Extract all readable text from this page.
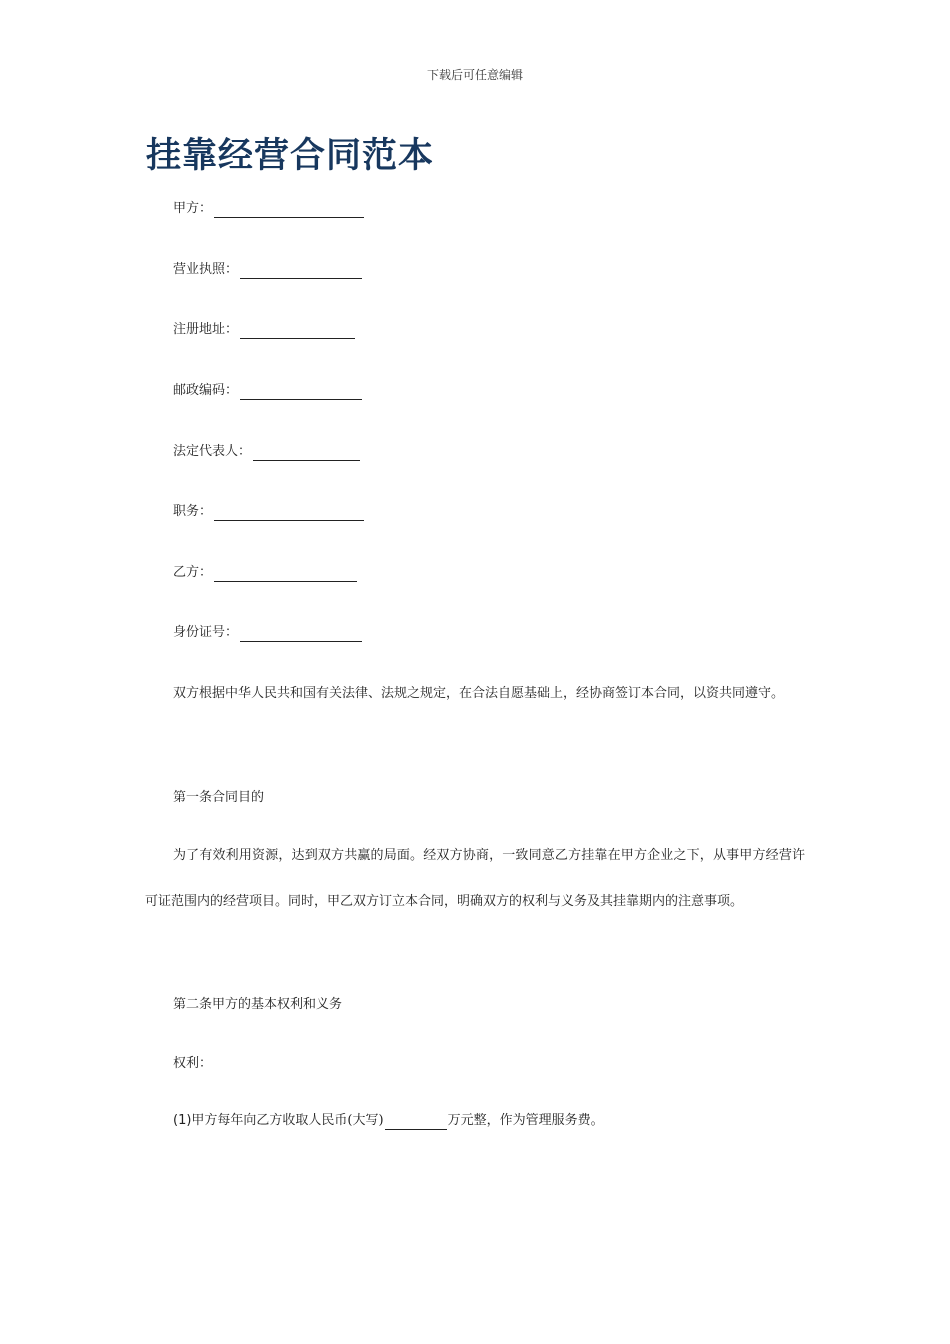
下载后可任意编辑
挂靠经营合同范本
甲方：
营业执照：
注册地址：
邮政编码：
法定代表人：
职务：
乙方：
身份证号：

双方根据中华人民共和国有关法律、法规之规定，在合法自愿基础上，经协商签订本合同，以资共同遵守。

第一条合同目的

为了有效利用资源，达到双方共赢的局面。经双方协商，一致同意乙方挂靠在甲方企业之下，从事甲方经营许可证范围内的经营项目。同时，甲乙双方订立本合同，明确双方的权利与义务及其挂靠期内的注意事项。

第二条甲方的基本权利和义务
权利：
(1)甲方每年向乙方收取人民币(大写)	万元整，作为管理服务费。
